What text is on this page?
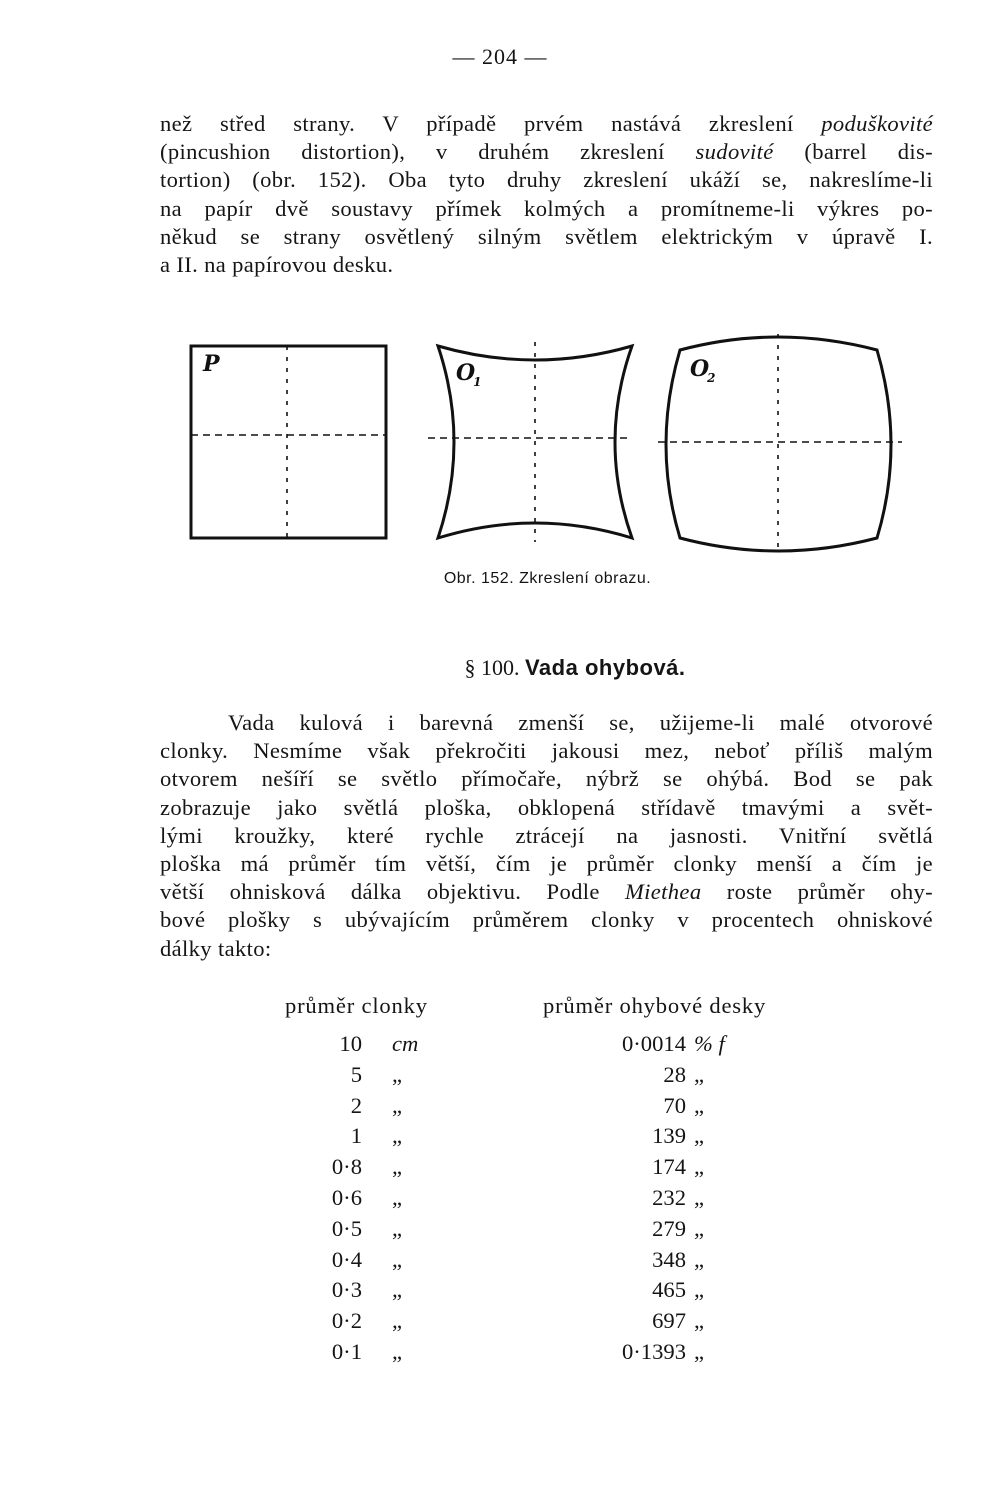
— 204 —
než střed strany. V případě prvém nastává zkreslení poduškovité
(pincushion distortion), v druhém zkreslení sudovité (barrel dis-
tortion) (obr. 152). Oba tyto druhy zkreslení ukáží se, nakreslíme-li
na papír dvě soustavy přímek kolmých a promítneme-li výkres po-
někud se strany osvětlený silným světlem elektrickým v úpravě I.
a II. na papírovou desku.
P	O1	O2
Obr. 152. Zkreslení obrazu.
§ 100. Vada ohybová.
Vada kulová i barevná zmenší se, užijeme-li malé otvorové
clonky. Nesmíme však překročiti jakousi mez, neboť příliš malým
otvorem nešíří se světlo přímočaře, nýbrž se ohýbá. Bod se pak
zobrazuje jako světlá ploška, obklopená střídavě tmavými a svět-
lými kroužky, které rychle ztrácejí na jasnosti. Vnitřní světlá
ploška má průměr tím větší, čím je průměr clonky menší a čím je
větší ohnisková dálka objektivu. Podle Miethea roste průměr ohy-
bové plošky s ubývajícím průměrem clonky v procentech ohniskové
dálky takto:
průměr clonky	průměr ohybové desky
10 cm	0·0014 % f
5 „	28 „
2 „	70 „
1 „	139 „
0·8 „	174 „
0·6 „	232 „
0·5 „	279 „
0·4 „	348 „
0·3 „	465 „
0·2 „	697 „
0·1 „	0·1393 „
